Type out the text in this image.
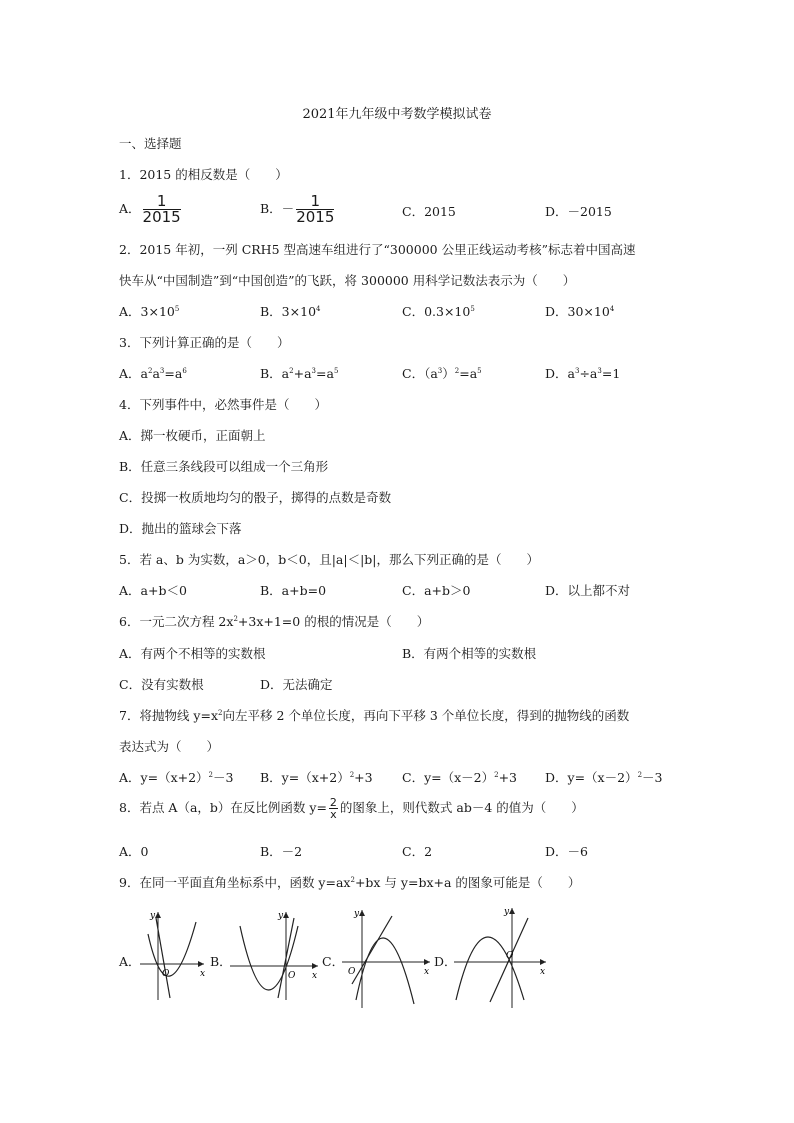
2021年九年级中考数学模拟试卷
一、选择题
1．2015 的相反数是（　　）
A． $\frac{1}{2015}$	B．－ $\frac{1}{2015}$	C．2015	D．－2015
2．2015 年初，一列 CRH5 型高速车组进行了“300000 公里正线运动考核”标志着中国高速
快车从“中国制造”到“中国创造”的飞跃，将 300000 用科学记数法表示为（　　）
A．$3\times 10^5$	B．$3\times 10^4$	C．$0.3\times 10^5$	D．$30\times 10^4$
3．下列计算正确的是（　　）
A．$a^2a^3=a^6$	B．$a^2+a^3=a^5$	C．$(a^3)^2=a^5$	D．$a^3\div a^3=1$
4．下列事件中，必然事件是（　　）
A．掷一枚硬币，正面朝上
B．任意三条线段可以组成一个三角形
C．投掷一枚质地均匀的骰子，掷得的点数是奇数
D．抛出的篮球会下落
5．若 a、b 为实数，a＞0，b＜0，且|a|＜|b|，那么下列正确的是（　　）
A．a+b＜0	B．a+b=0	C．a+b＞0	D．以上都不对
6．一元二次方程 $2x^2+3x+1=0$ 的根的情况是（　　）
A．有两个不相等的实数根	B．有两个相等的实数根
C．没有实数根	D．无法确定
7．将抛物线 $y=x^2$向左平移 2 个单位长度，再向下平移 3 个单位长度，得到的抛物线的函数
表达式为（　　）
A．$y=(x+2)^2-3$ B．$y=(x+2)^2+3$ C．$y=(x-2)^2+3$ D．$y=(x-2)^2-3$
8．若点 A（a，b）在反比例函数 $y= \frac{2}{x}$ 的图象上，则代数式 ab－4 的值为（　　）
A．0	B．－2	C．2	D．－6
9．在同一平面直角坐标系中，函数 $y=ax^2+bx$ 与 y=bx+a 的图象可能是（　　）
A．
x
y
O
B．
x
y
O
C．
x
y
O
D．
x
y
O
